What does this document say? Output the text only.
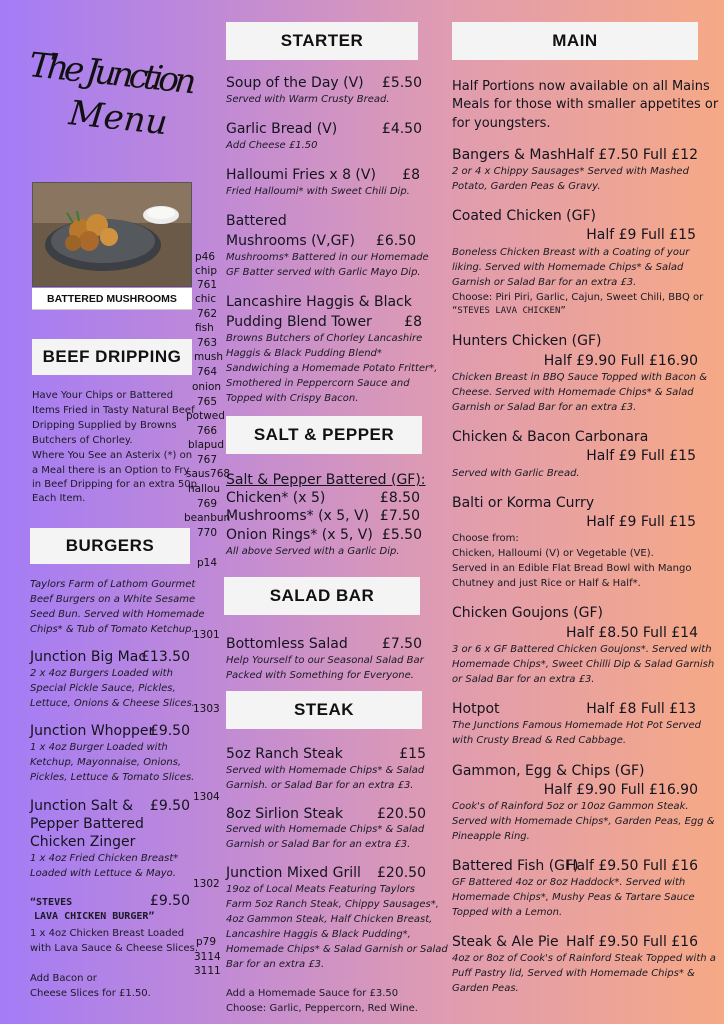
The Junction
Menu
BATTERED MUSHROOMS
BEEF DRIPPING
Have Your Chips or Battered
Items Fried in Tasty Natural Beef
Dripping Supplied by Browns
Butchers of Chorley.
Where You See an Asterix (*) on
a Meal there is an Option to Fry
in Beef Dripping for an extra 50p
Each Item.
BURGERS
Taylors Farm of Lathom Gourmet
Beef Burgers on a White Sesame
Seed Bun. Served with Homemade
Chips* & Tub of Tomato Ketchup.
Junction Big Mac
£13.50
2 x 4oz Burgers Loaded with
Special Pickle Sauce, Pickles,
Lettuce, Onions & Cheese Slices.
Junction Whopper
£9.50
1 x 4oz Burger Loaded with
Ketchup, Mayonnaise, Onions,
Pickles, Lettuce & Tomato Slices.
Junction Salt &	£9.50
Pepper Battered
Chicken Zinger
1 x 4oz Fried Chicken Breast*
Loaded with Lettuce & Mayo.
“STEVES	£9.50
LAVA CHICKEN BURGER”
1 x 4oz Chicken Breast Loaded
with Lava Sauce & Cheese Slices.
Add Bacon or
Cheese Slices for £1.50.
p46
chip
761
chic
762
fish
763
mush
764
onion
765
potwed
766
blapud
767
saus768
hallou
769
beanbun
770
p14
1301
1303
1304
1302
p79
3114
3111
STARTER
Soup of the Day (V)	£5.50
Served with Warm Crusty Bread.
Garlic Bread (V)	£4.50
Add Cheese £1.50
Halloumi Fries x 8 (V)	£8
Fried Halloumi* with Sweet Chili Dip.
Battered
Mushrooms (V,GF)	£6.50
Mushrooms* Battered in our Homemade
GF Batter served with Garlic Mayo Dip.
Lancashire Haggis & Black
Pudding Blend Tower	£8
Browns Butchers of Chorley Lancashire
Haggis & Black Pudding Blend*
Sandwiching a Homemade Potato Fritter*,
Smothered in Peppercorn Sauce and
Topped with Crispy Bacon.
SALT & PEPPER
Salt & Pepper Battered (GF):
Chicken* (x 5)	£8.50
Mushrooms* (x 5, V) £7.50
Onion Rings* (x 5, V) £5.50
All above Served with a Garlic Dip.
SALAD BAR
Bottomless Salad	£7.50
Help Yourself to our Seasonal Salad Bar
Packed with Something for Everyone.
STEAK
5oz Ranch Steak	£15
Served with Homemade Chips* & Salad
Garnish. or Salad Bar for an extra £3.
8oz Sirlion Steak	£20.50
Served with Homemade Chips* & Salad
Garnish or Salad Bar for an extra £3.
Junction Mixed Grill	£20.50
19oz of Local Meats Featuring Taylors
Farm 5oz Ranch Steak, Chippy Sausages*,
4oz Gammon Steak, Half Chicken Breast,
Lancashire Haggis & Black Pudding*,
Homemade Chips* & Salad Garnish or Salad
Bar for an extra £3.
Add a Homemade Sauce for £3.50
Choose: Garlic, Peppercorn, Red Wine.
MAIN
Half Portions now available on all Mains
Meals for those with smaller appetites or
for youngsters.
Bangers & Mash Half £7.50 Full £12
2 or 4 x Chippy Sausages* Served with Mashed
Potato, Garden Peas & Gravy.
Coated Chicken (GF)
Half £9 Full £15
Boneless Chicken Breast with a Coating of your
liking. Served with Homemade Chips* & Salad
Garnish or Salad Bar for an extra £3.
Choose: Piri Piri, Garlic, Cajun, Sweet Chili, BBQ or
“STEVES LAVA CHICKEN”
Hunters Chicken (GF)
Half £9.90 Full £16.90
Chicken Breast in BBQ Sauce Topped with Bacon &
Cheese. Served with Homemade Chips* & Salad
Garnish or Salad Bar for an extra £3.
Chicken & Bacon Carbonara
Half £9 Full £15
Served with Garlic Bread.
Balti or Korma Curry
Half £9 Full £15
Choose from:
Chicken, Halloumi (V) or Vegetable (VE).
Served in an Edible Flat Bread Bowl with Mango
Chutney and just Rice or Half & Half*.
Chicken Goujons (GF)
Half £8.50 Full £14
3 or 6 x GF Battered Chicken Goujons*. Served with
Homemade Chips*, Sweet Chilli Dip & Salad Garnish
or Salad Bar for an extra £3.
Hotpot	Half £8 Full £13
The Junctions Famous Homemade Hot Pot Served
with Crusty Bread & Red Cabbage.
Gammon, Egg & Chips (GF)
Half £9.90 Full £16.90
Cook's of Rainford 5oz or 10oz Gammon Steak.
Served with Homemade Chips*, Garden Peas, Egg &
Pineapple Ring.
Battered Fish (GF)
Half £9.50 Full £16
GF Battered 4oz or 8oz Haddock*. Served with
Homemade Chips*, Mushy Peas & Tartare Sauce
Topped with a Lemon.
Steak & Ale Pie Half £9.50 Full £16
4oz or 8oz of Cook's of Rainford Steak Topped with a
Puff Pastry lid, Served with Homemade Chips* &
Garden Peas.
